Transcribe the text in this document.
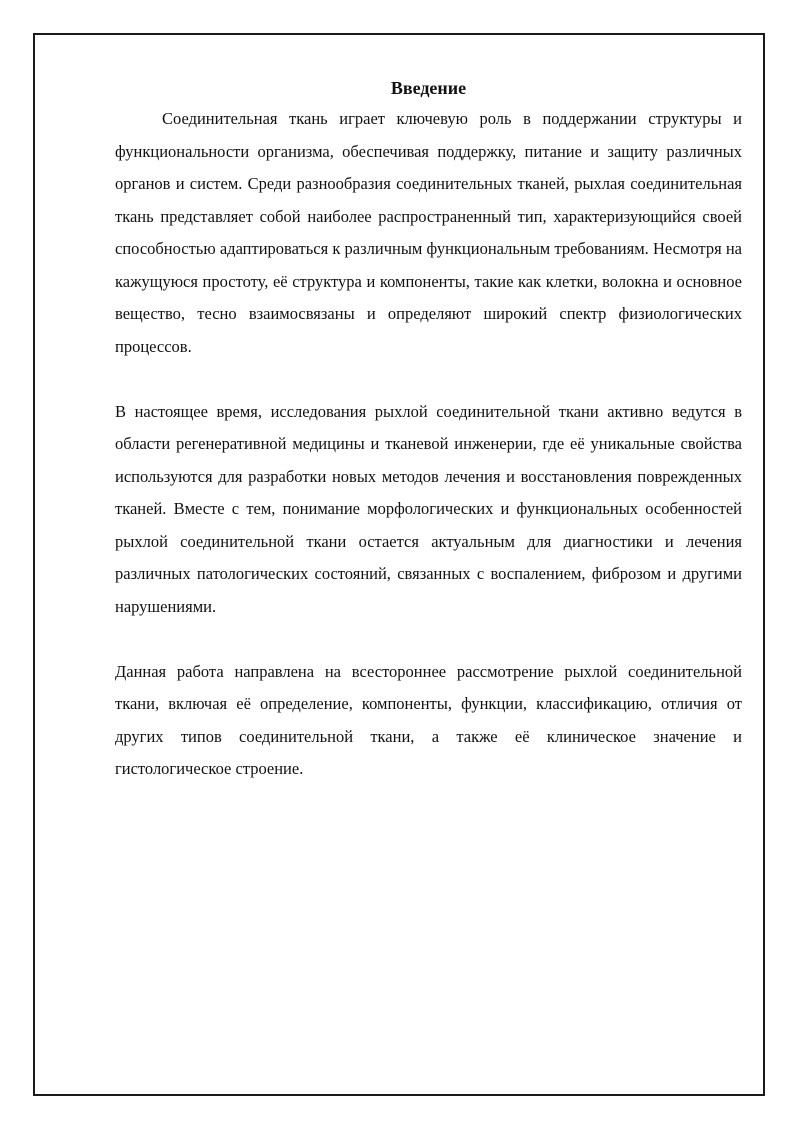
Введение

Соединительная ткань играет ключевую роль в поддержании структуры и функциональности организма, обеспечивая поддержку, питание и защиту различных органов и систем. Среди разнообразия соединительных тканей, рыхлая соединительная ткань представляет собой наиболее распространенный тип, характеризующийся своей способностью адаптироваться к различным функциональным требованиям. Несмотря на кажущуюся простоту, её структура и компоненты, такие как клетки, волокна и основное вещество, тесно взаимосвязаны и определяют широкий спектр физиологических процессов.

В настоящее время, исследования рыхлой соединительной ткани активно ведутся в области регенеративной медицины и тканевой инженерии, где её уникальные свойства используются для разработки новых методов лечения и восстановления поврежденных тканей. Вместе с тем, понимание морфологических и функциональных особенностей рыхлой соединительной ткани остается актуальным для диагностики и лечения различных патологических состояний, связанных с воспалением, фиброзом и другими нарушениями.

Данная работа направлена на всестороннее рассмотрение рыхлой соединительной ткани, включая её определение, компоненты, функции, классификацию, отличия от других типов соединительной ткани, а также её клиническое значение и гистологическое строение.
